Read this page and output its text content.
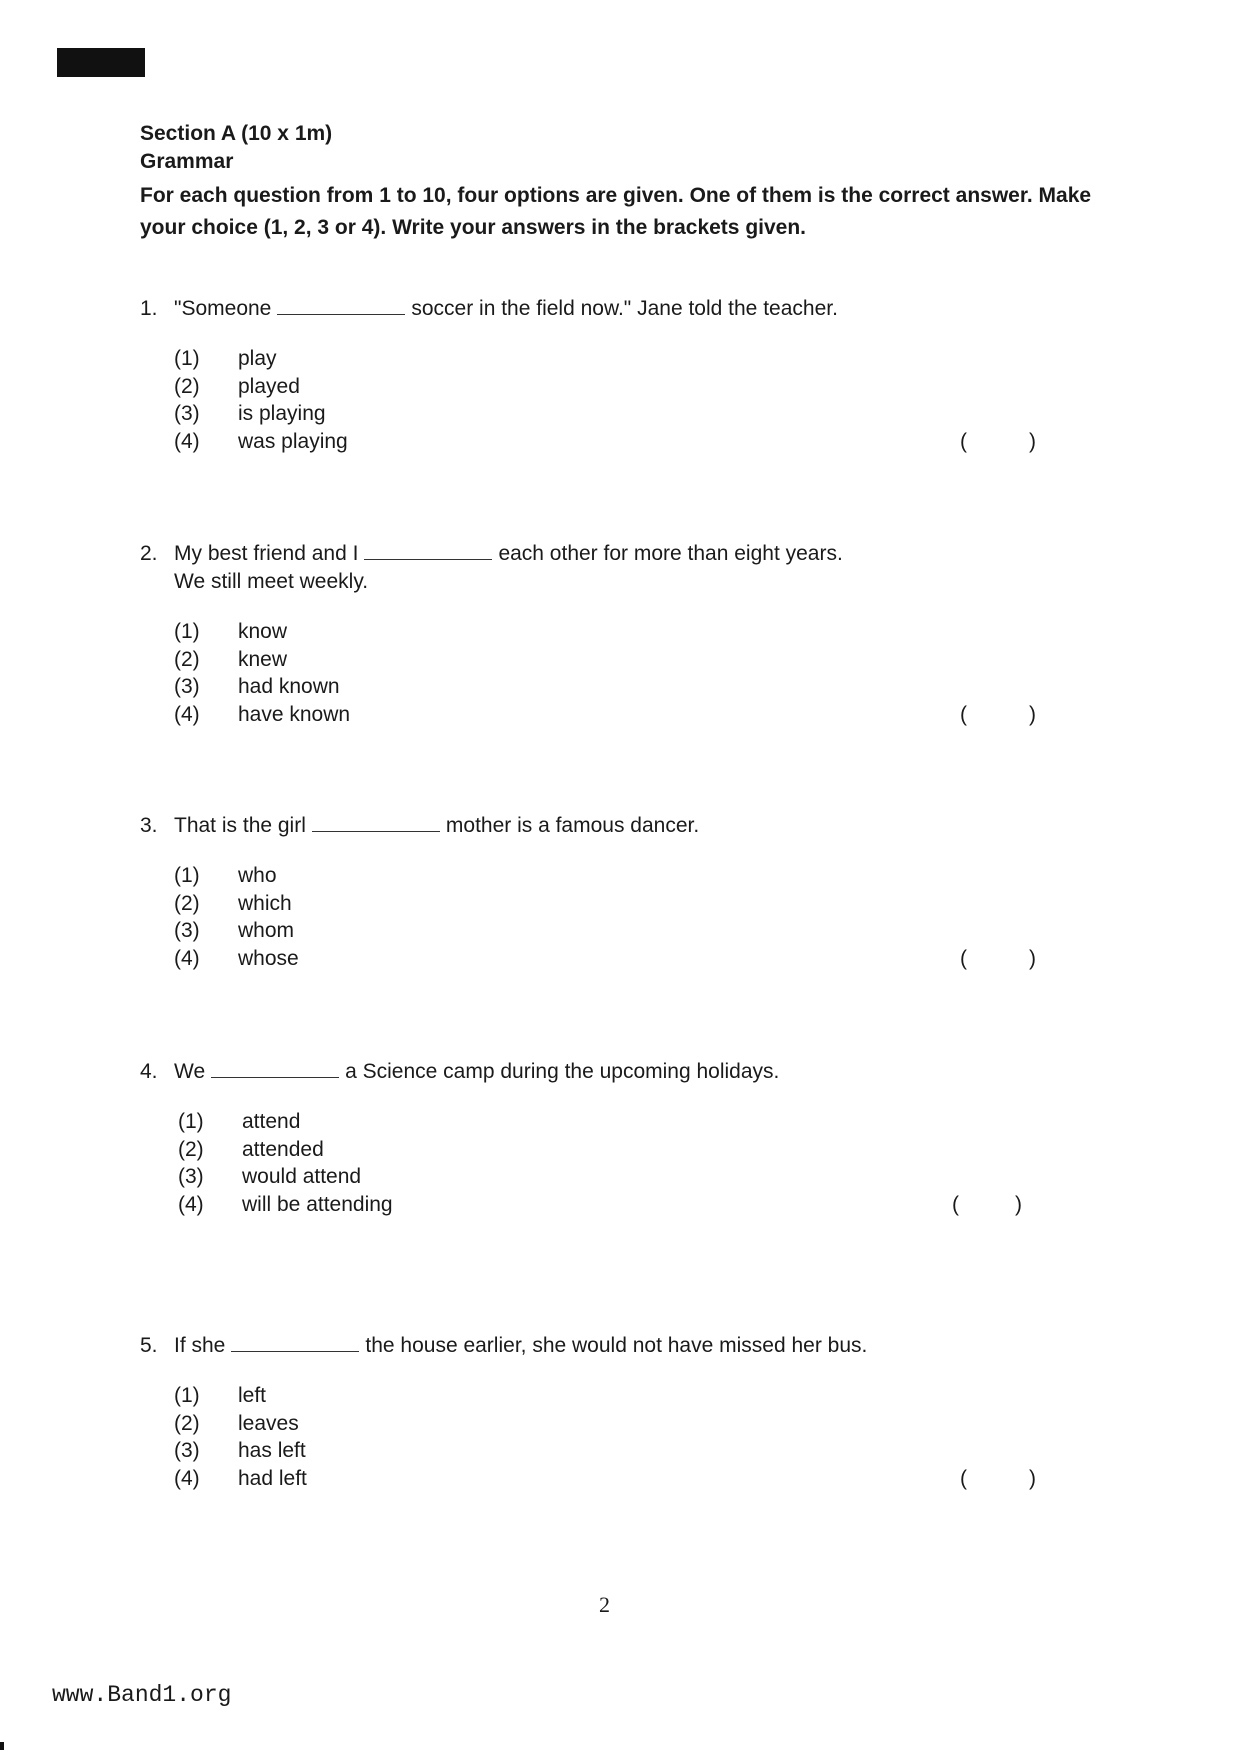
Section A (10 x 1m)
Grammar
For each question from 1 to 10, four options are given. One of them is the correct answer. Make your choice (1, 2, 3 or 4). Write your answers in the brackets given.
1. "Someone	soccer in the field now." Jane told the teacher.
(1)	play
(2)	played
(3)	is playing
(4)	was playing	(	)
2. My best friend and I	each other for more than eight years.
We still meet weekly.
(1)	know
(2)	knew
(3)	had known
(4)	have known	(	)
3. That is the girl	mother is a famous dancer.
(1)	who
(2)	which
(3)	whom
(4)	whose	(	)
4. We	a Science camp during the upcoming holidays.
(1)	attend
(2)	attended
(3)	would attend
(4)	will be attending	(	)
5. If she	the house earlier, she would not have missed her bus.
(1)	left
(2)	leaves
(3)	has left
(4)	had left	(	)
2
www.Band1.org
